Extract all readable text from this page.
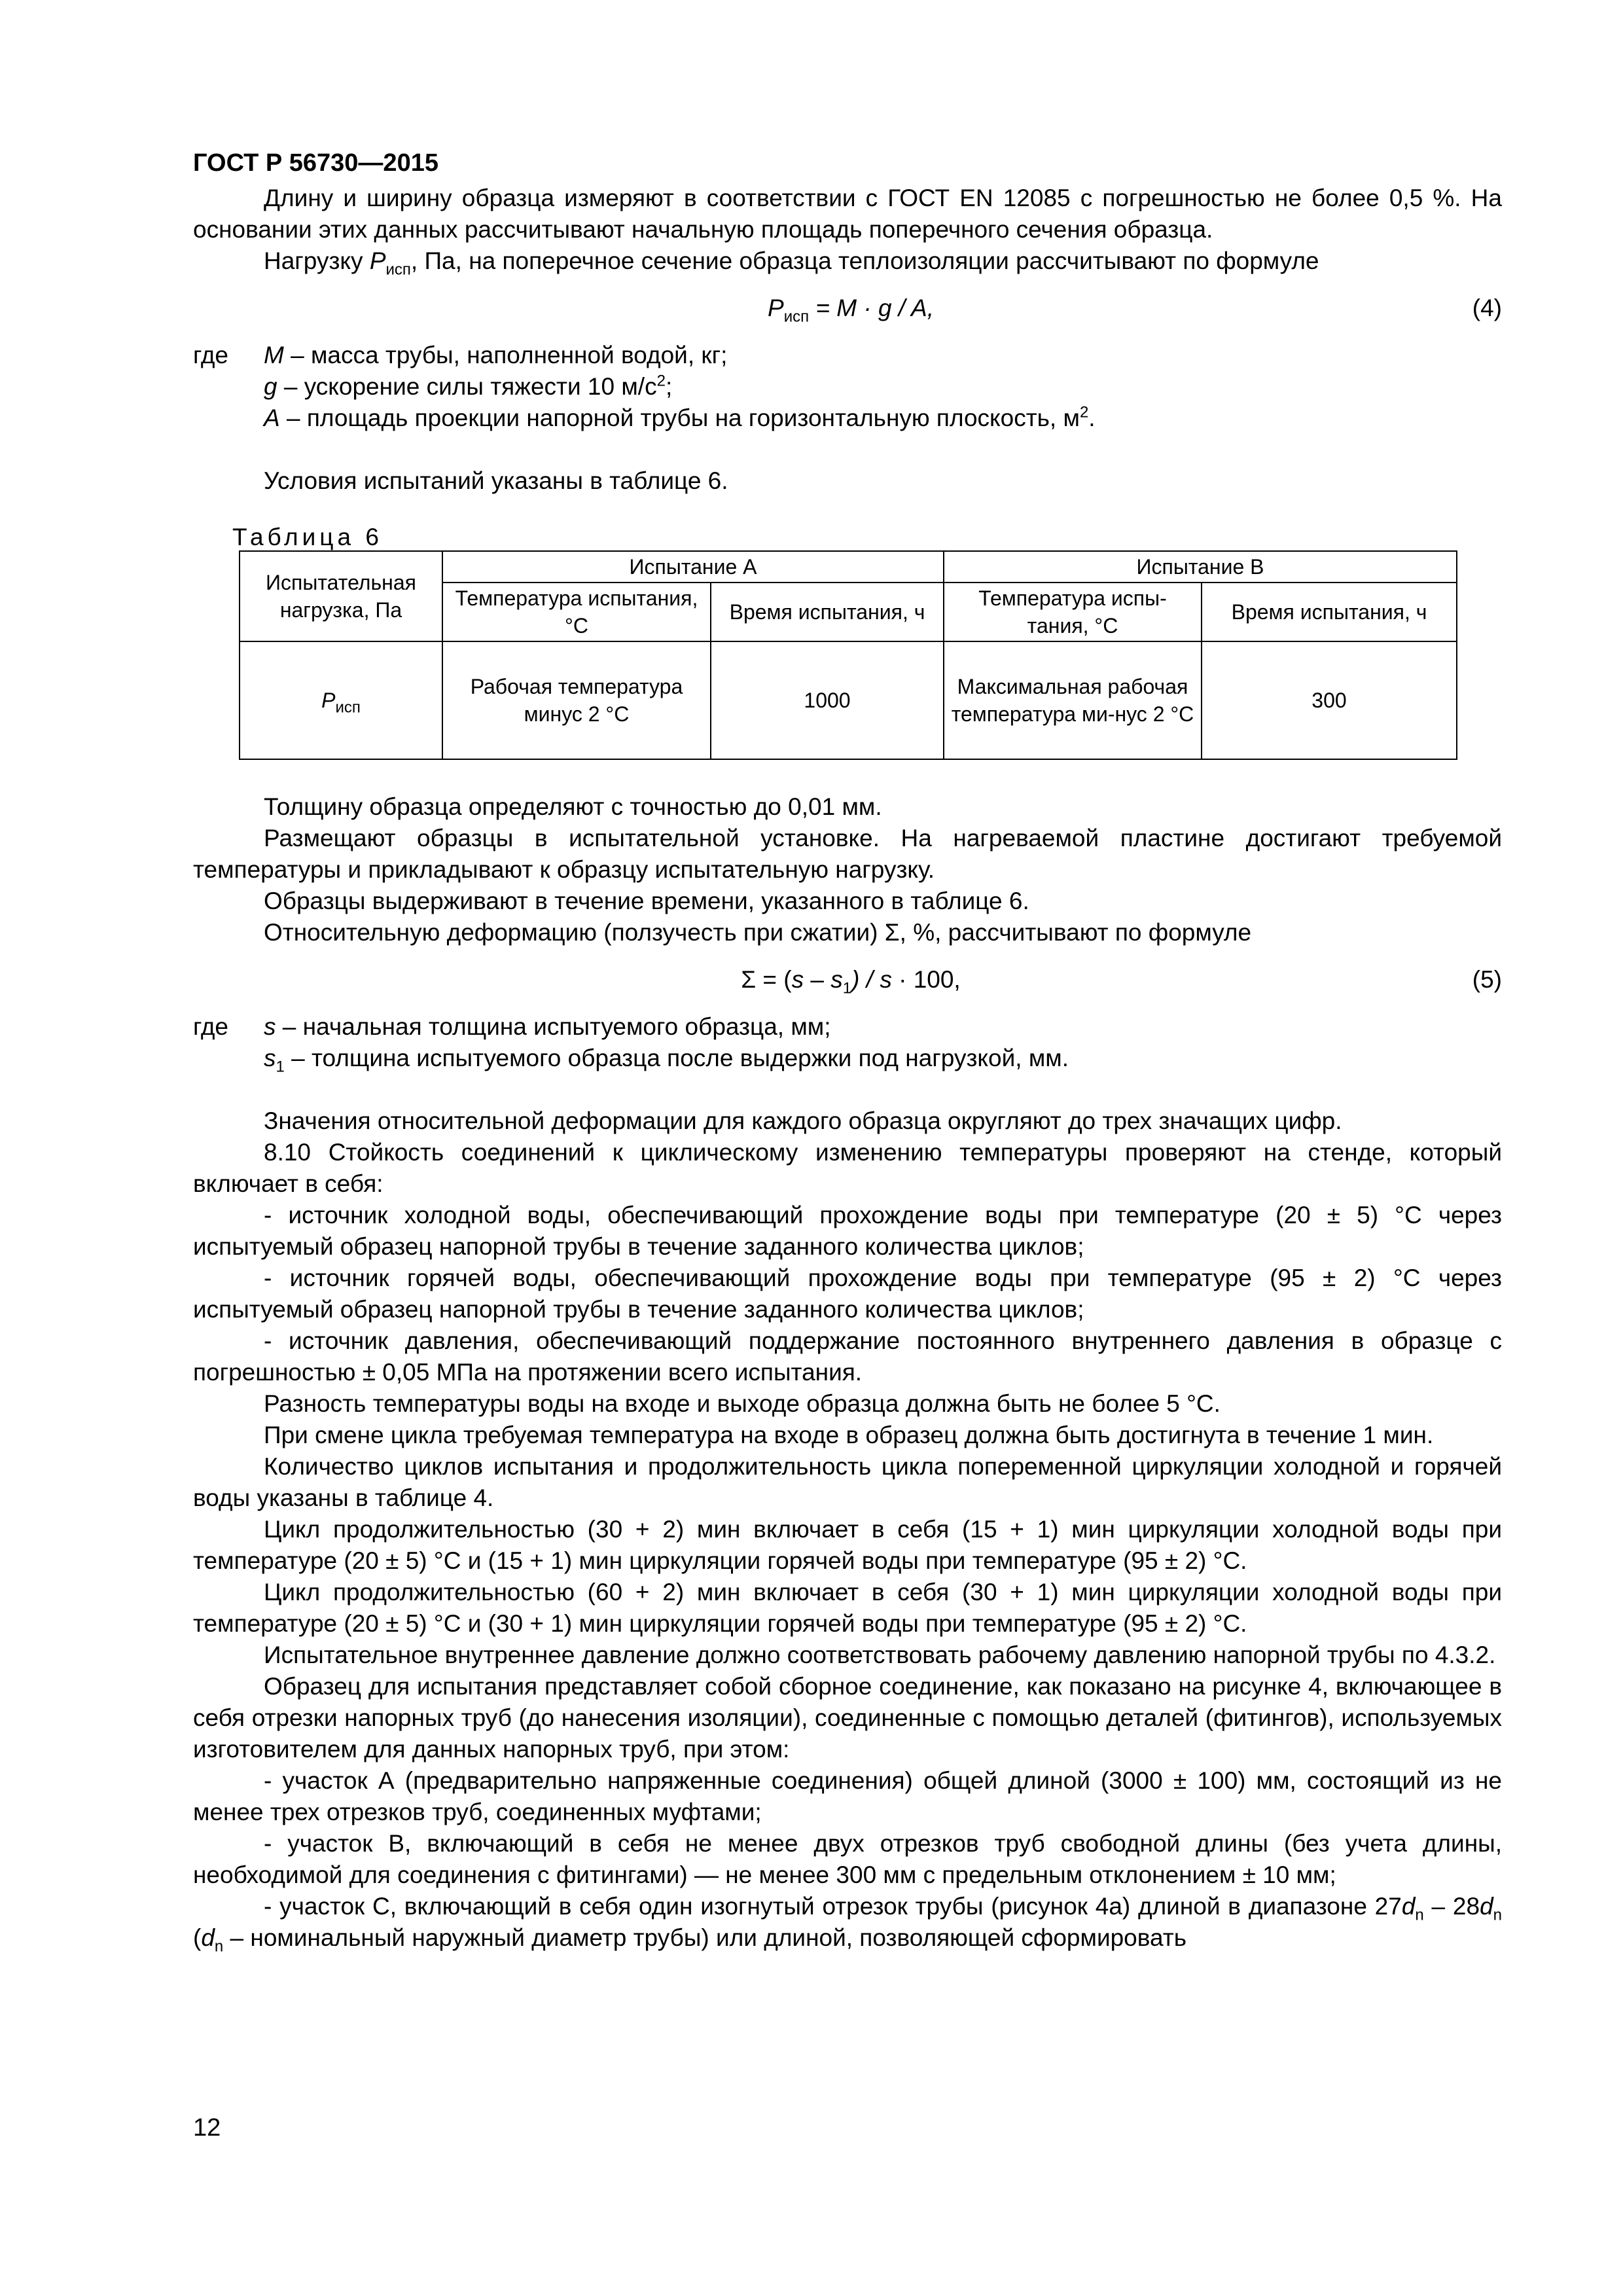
ГОСТ Р 56730—2015

Длину и ширину образца измеряют в соответствии с ГОСТ EN 12085 с погрешностью не более 0,5 %. На основании этих данных рассчитывают начальную площадь поперечного сечения образца.

Нагрузку $P_{исп}$, Па, на поперечное сечение образца теплоизоляции рассчитывают по формуле

$P_{исп} = M \cdot g / A$,	(4)
где	M – масса трубы, наполненной водой, кг;
g – ускорение силы тяжести 10 $м/с^2$;
A – площадь проекции напорной трубы на горизонтальную плоскость, $м^2$.

Условия испытаний указаны в таблице 6.

Таблица 6
Испытательная нагрузка, Па	Испытание А		Испытание В	
	Температура испытания, °С	Время испытания, ч	Температура испы-тания, °С	Время испытания, ч
$P_{исп}$	Рабочая температура минус 2 °С	1000	Максимальная рабочая температура ми-нус 2 °С	300

Толщину образца определяют с точностью до 0,01 мм.

Размещают образцы в испытательной установке. На нагреваемой пластине достигают требуемой температуры и прикладывают к образцу испытательную нагрузку.

Образцы выдерживают в течение времени, указанного в таблице 6.

Относительную деформацию (ползучесть при сжатии) Σ, %, рассчитывают по формуле

$\Sigma = (s - s_1) / s \cdot 100$,	(5)
где	s – начальная толщина испытуемого образца, мм;
$s_1$ – толщина испытуемого образца после выдержки под нагрузкой, мм.

Значения относительной деформации для каждого образца округляют до трех значащих цифр.

8.10 Стойкость соединений к циклическому изменению температуры проверяют на стенде, который включает в себя:

- источник холодной воды, обеспечивающий прохождение воды при температуре (20 ± 5) °С через испытуемый образец напорной трубы в течение заданного количества циклов;

- источник горячей воды, обеспечивающий прохождение воды при температуре (95 ± 2) °С через испытуемый образец напорной трубы в течение заданного количества циклов;

- источник давления, обеспечивающий поддержание постоянного внутреннего давления в образце с погрешностью ± 0,05 МПа на протяжении всего испытания.

Разность температуры воды на входе и выходе образца должна быть не более 5 °С.

При смене цикла требуемая температура на входе в образец должна быть достигнута в течение 1 мин.

Количество циклов испытания и продолжительность цикла попеременной циркуляции холодной и горячей воды указаны в таблице 4.

Цикл продолжительностью (30 + 2) мин включает в себя (15 + 1) мин циркуляции холодной воды при температуре (20 ± 5) °С и (15 + 1) мин циркуляции горячей воды при температуре (95 ± 2) °С.

Цикл продолжительностью (60 + 2) мин включает в себя (30 + 1) мин циркуляции холодной воды при температуре (20 ± 5) °С и (30 + 1) мин циркуляции горячей воды при температуре (95 ± 2) °С.

Испытательное внутреннее давление должно соответствовать рабочему давлению напорной трубы по 4.3.2.

Образец для испытания представляет собой сборное соединение, как показано на рисунке 4, включающее в себя отрезки напорных труб (до нанесения изоляции), соединенные с помощью деталей (фитингов), используемых изготовителем для данных напорных труб, при этом:

- участок А (предварительно напряженные соединения) общей длиной (3000 ± 100) мм, состоящий из не менее трех отрезков труб, соединенных муфтами;

- участок В, включающий в себя не менее двух отрезков труб свободной длины (без учета длины, необходимой для соединения с фитингами) — не менее 300 мм с предельным отклонением ± 10 мм;

- участок С, включающий в себя один изогнутый отрезок трубы (рисунок 4а) длиной в диапазоне $27d_n - 28d_n$ ($d_n$ – номинальный наружный диаметр трубы) или длиной, позволяющей сформировать

12
